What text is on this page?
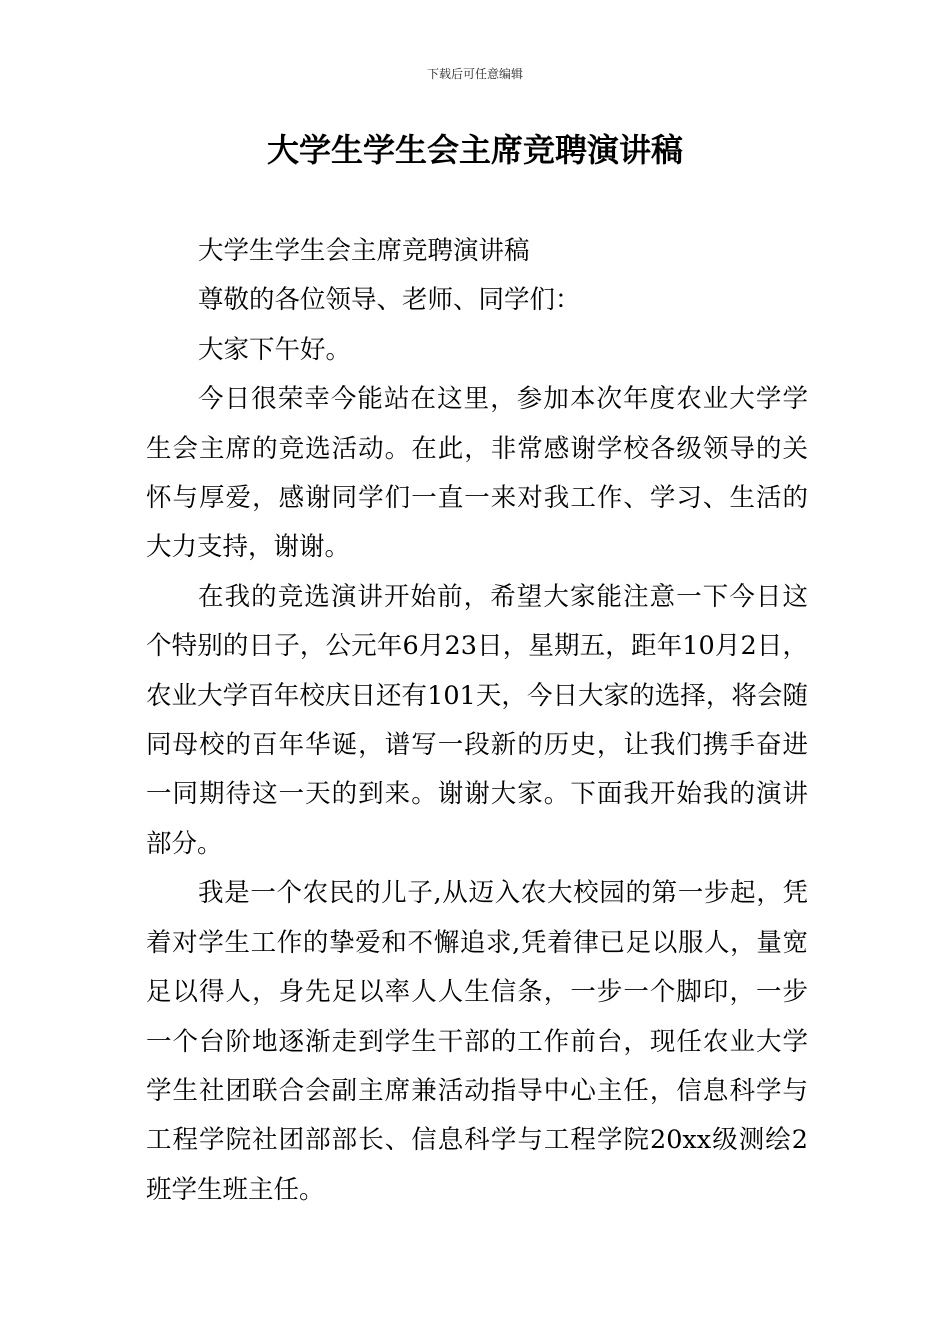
下载后可任意编辑
大学生学生会主席竞聘演讲稿

大学生学生会主席竞聘演讲稿

尊敬的各位领导、老师、同学们：

大家下午好。

今日很荣幸今能站在这里，参加本次年度农业大学学生会主席的竞选活动。在此，非常感谢学校各级领导的关怀与厚爱，感谢同学们一直一来对我工作、学习、生活的大力支持，谢谢。

在我的竞选演讲开始前，希望大家能注意一下今日这个特别的日子，公元年6月23日，星期五，距年10月2日，农业大学百年校庆日还有101天，今日大家的选择，将会随同母校的百年华诞，谱写一段新的历史，让我们携手奋进一同期待这一天的到来。谢谢大家。下面我开始我的演讲部分。

我是一个农民的儿子,从迈入农大校园的第一步起，凭着对学生工作的挚爱和不懈追求,凭着律已足以服人，量宽足以得人，身先足以率人人生信条，一步一个脚印，一步一个台阶地逐渐走到学生干部的工作前台，现任农业大学学生社团联合会副主席兼活动指导中心主任，信息科学与工程学院社团部部长、信息科学与工程学院20xx级测绘2班学生班主任。
